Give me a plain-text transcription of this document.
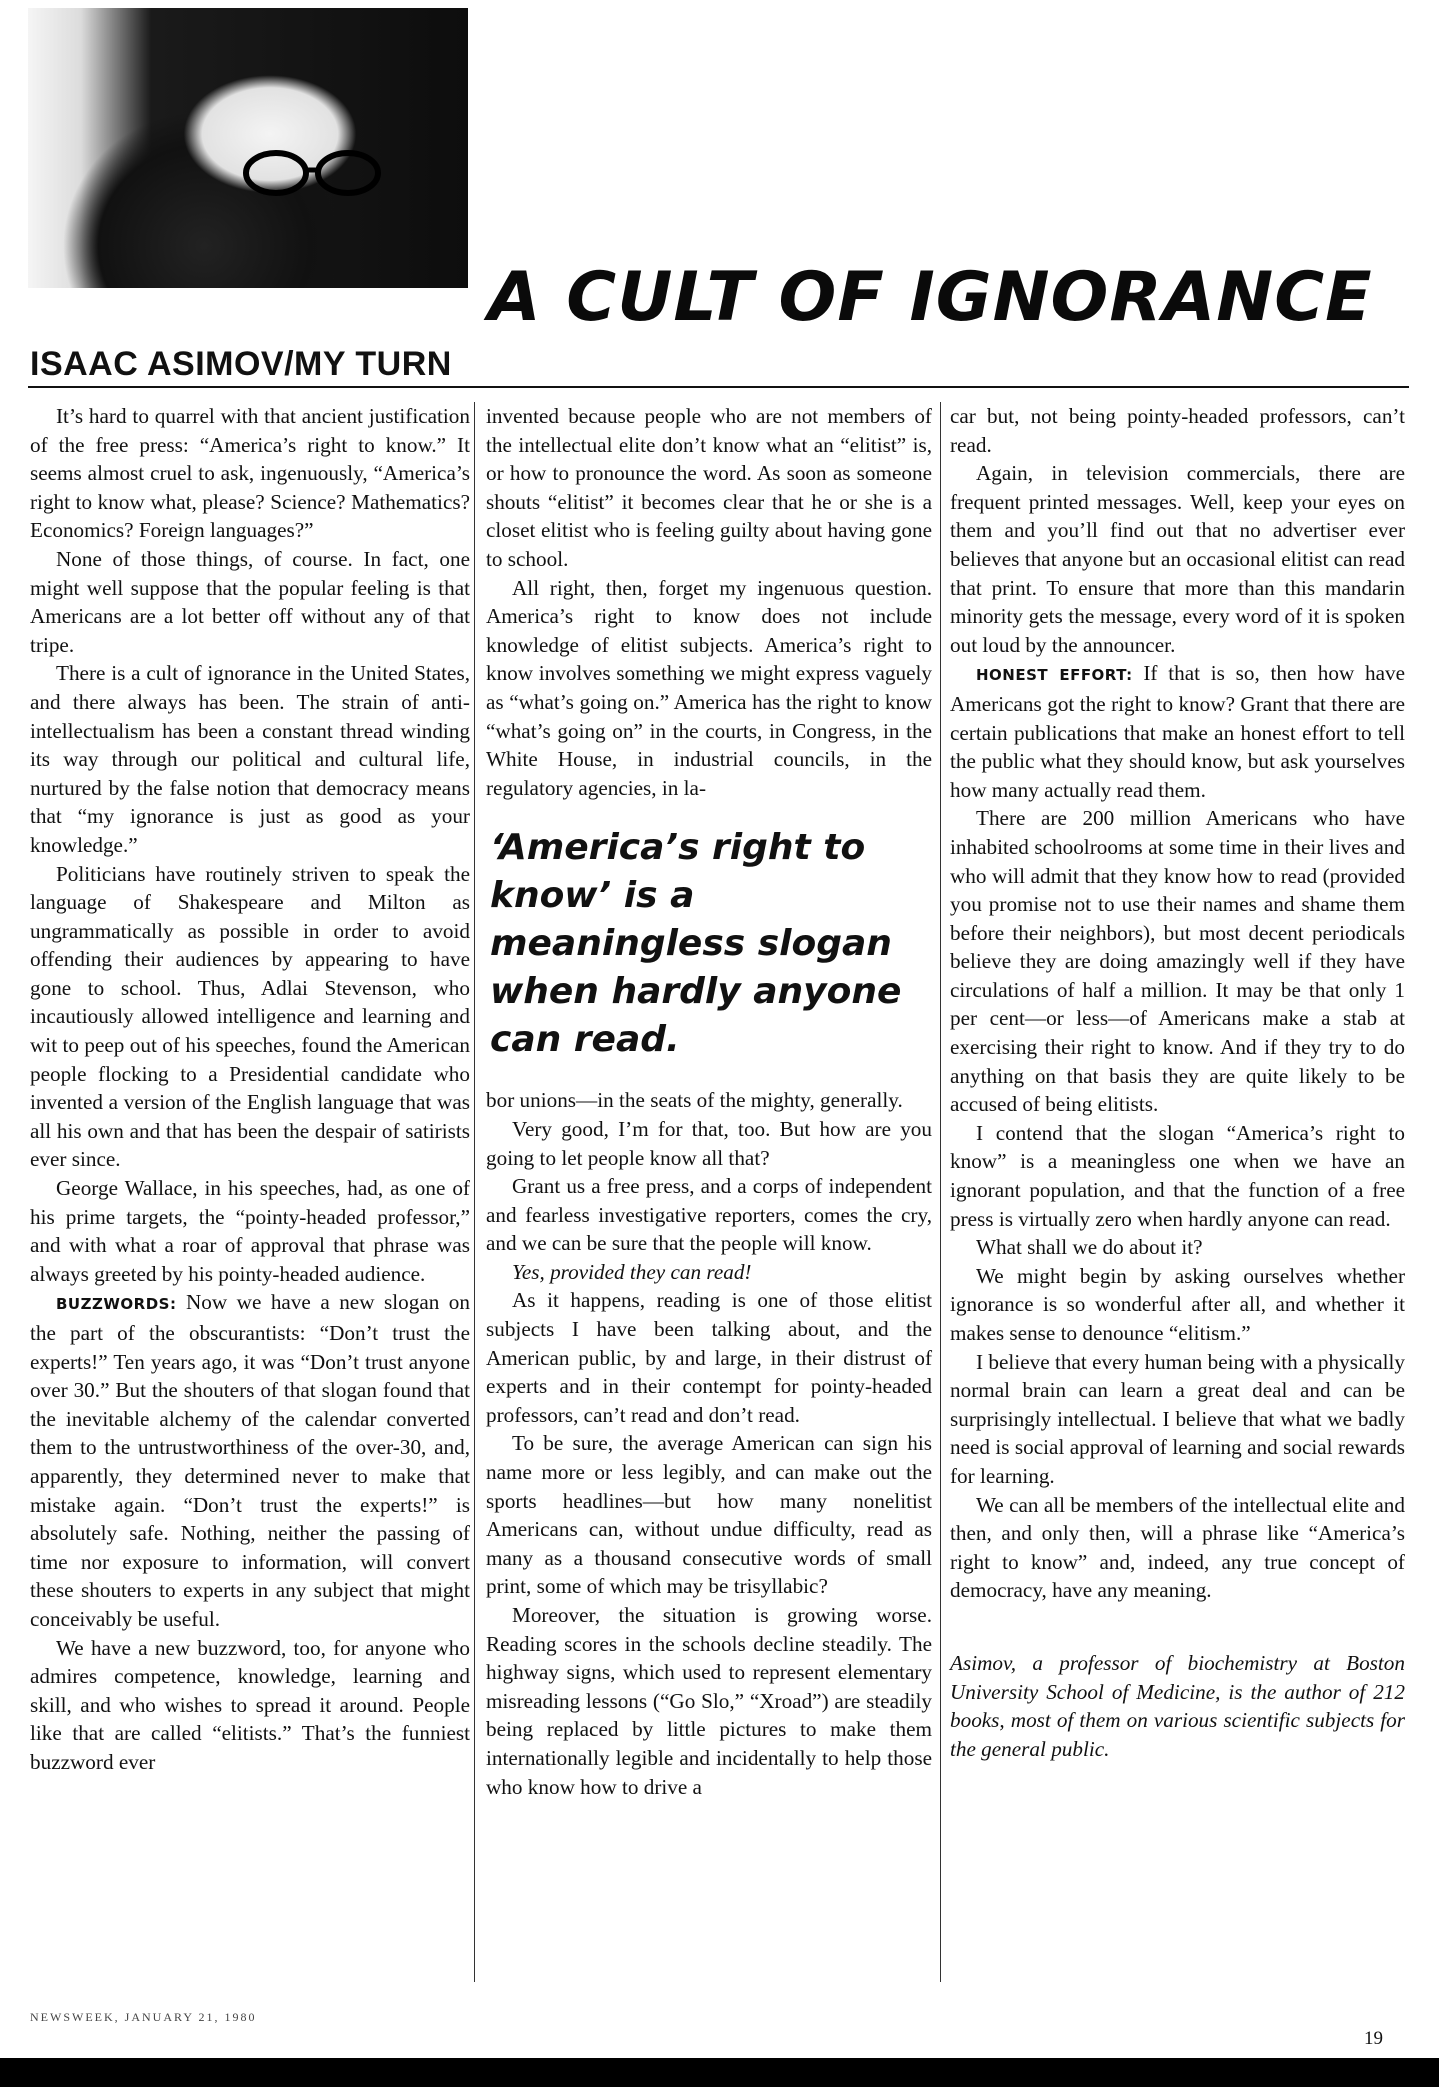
A CULT OF IGNORANCE
ISAAC ASIMOV/MY TURN

It’s hard to quarrel with that ancient justification of the free press: “America’s right to know.” It seems almost cruel to ask, ingenuously, “America’s right to know what, please? Science? Mathematics? Economics? Foreign languages?”

None of those things, of course. In fact, one might well suppose that the popular feeling is that Americans are a lot better off without any of that tripe.

There is a cult of ignorance in the United States, and there always has been. The strain of anti-intellectualism has been a constant thread winding its way through our political and cultural life, nurtured by the false notion that democracy means that “my ignorance is just as good as your knowledge.”

Politicians have routinely striven to speak the language of Shakespeare and Milton as ungrammatically as possible in order to avoid offending their audiences by appearing to have gone to school. Thus, Adlai Stevenson, who incautiously allowed intelligence and learning and wit to peep out of his speeches, found the American people flocking to a Presidential candidate who invented a version of the English language that was all his own and that has been the despair of satirists ever since.

George Wallace, in his speeches, had, as one of his prime targets, the “pointy-headed professor,” and with what a roar of approval that phrase was always greeted by his pointy-headed audience.

BUZZWORDS: Now we have a new slogan on the part of the obscurantists: “Don’t trust the experts!” Ten years ago, it was “Don’t trust anyone over 30.” But the shouters of that slogan found that the inevitable alchemy of the calendar converted them to the untrustworthiness of the over-30, and, apparently, they determined never to make that mistake again. “Don’t trust the experts!” is absolutely safe. Nothing, neither the passing of time nor exposure to information, will convert these shouters to experts in any subject that might conceivably be useful.

We have a new buzzword, too, for anyone who admires competence, knowledge, learning and skill, and who wishes to spread it around. People like that are called “elitists.” That’s the funniest buzzword ever

invented because people who are not members of the intellectual elite don’t know what an “elitist” is, or how to pronounce the word. As soon as someone shouts “elitist” it becomes clear that he or she is a closet elitist who is feeling guilty about having gone to school.

All right, then, forget my ingenuous question. America’s right to know does not include knowledge of elitist subjects. America’s right to know involves something we might express vaguely as “what’s going on.” America has the right to know “what’s going on” in the courts, in Congress, in the White House, in industrial councils, in the regulatory agencies, in la-

‘America’s right to know’ is a meaningless slogan when hardly anyone can read.

bor unions—in the seats of the mighty, generally.

Very good, I’m for that, too. But how are you going to let people know all that?

Grant us a free press, and a corps of independent and fearless investigative reporters, comes the cry, and we can be sure that the people will know.

Yes, provided they can read!

As it happens, reading is one of those elitist subjects I have been talking about, and the American public, by and large, in their distrust of experts and in their contempt for pointy-headed professors, can’t read and don’t read.

To be sure, the average American can sign his name more or less legibly, and can make out the sports headlines—but how many nonelitist Americans can, without undue difficulty, read as many as a thousand consecutive words of small print, some of which may be trisyllabic?

Moreover, the situation is growing worse. Reading scores in the schools decline steadily. The highway signs, which used to represent elementary misreading lessons (“Go Slo,” “Xroad”) are steadily being replaced by little pictures to make them internationally legible and incidentally to help those who know how to drive a

car but, not being pointy-headed professors, can’t read.

Again, in television commercials, there are frequent printed messages. Well, keep your eyes on them and you’ll find out that no advertiser ever believes that anyone but an occasional elitist can read that print. To ensure that more than this mandarin minority gets the message, every word of it is spoken out loud by the announcer.

HONEST EFFORT: If that is so, then how have Americans got the right to know? Grant that there are certain publications that make an honest effort to tell the public what they should know, but ask yourselves how many actually read them.

There are 200 million Americans who have inhabited schoolrooms at some time in their lives and who will admit that they know how to read (provided you promise not to use their names and shame them before their neighbors), but most decent periodicals believe they are doing amazingly well if they have circulations of half a million. It may be that only 1 per cent—or less—of Americans make a stab at exercising their right to know. And if they try to do anything on that basis they are quite likely to be accused of being elitists.

I contend that the slogan “America’s right to know” is a meaningless one when we have an ignorant population, and that the function of a free press is virtually zero when hardly anyone can read.

What shall we do about it?

We might begin by asking ourselves whether ignorance is so wonderful after all, and whether it makes sense to denounce “elitism.”

I believe that every human being with a physically normal brain can learn a great deal and can be surprisingly intellectual. I believe that what we badly need is social approval of learning and social rewards for learning.

We can all be members of the intellectual elite and then, and only then, will a phrase like “America’s right to know” and, indeed, any true concept of democracy, have any meaning.

Asimov, a professor of biochemistry at Boston University School of Medicine, is the author of 212 books, most of them on various scientific subjects for the general public.

NEWSWEEK, JANUARY 21, 1980
19
